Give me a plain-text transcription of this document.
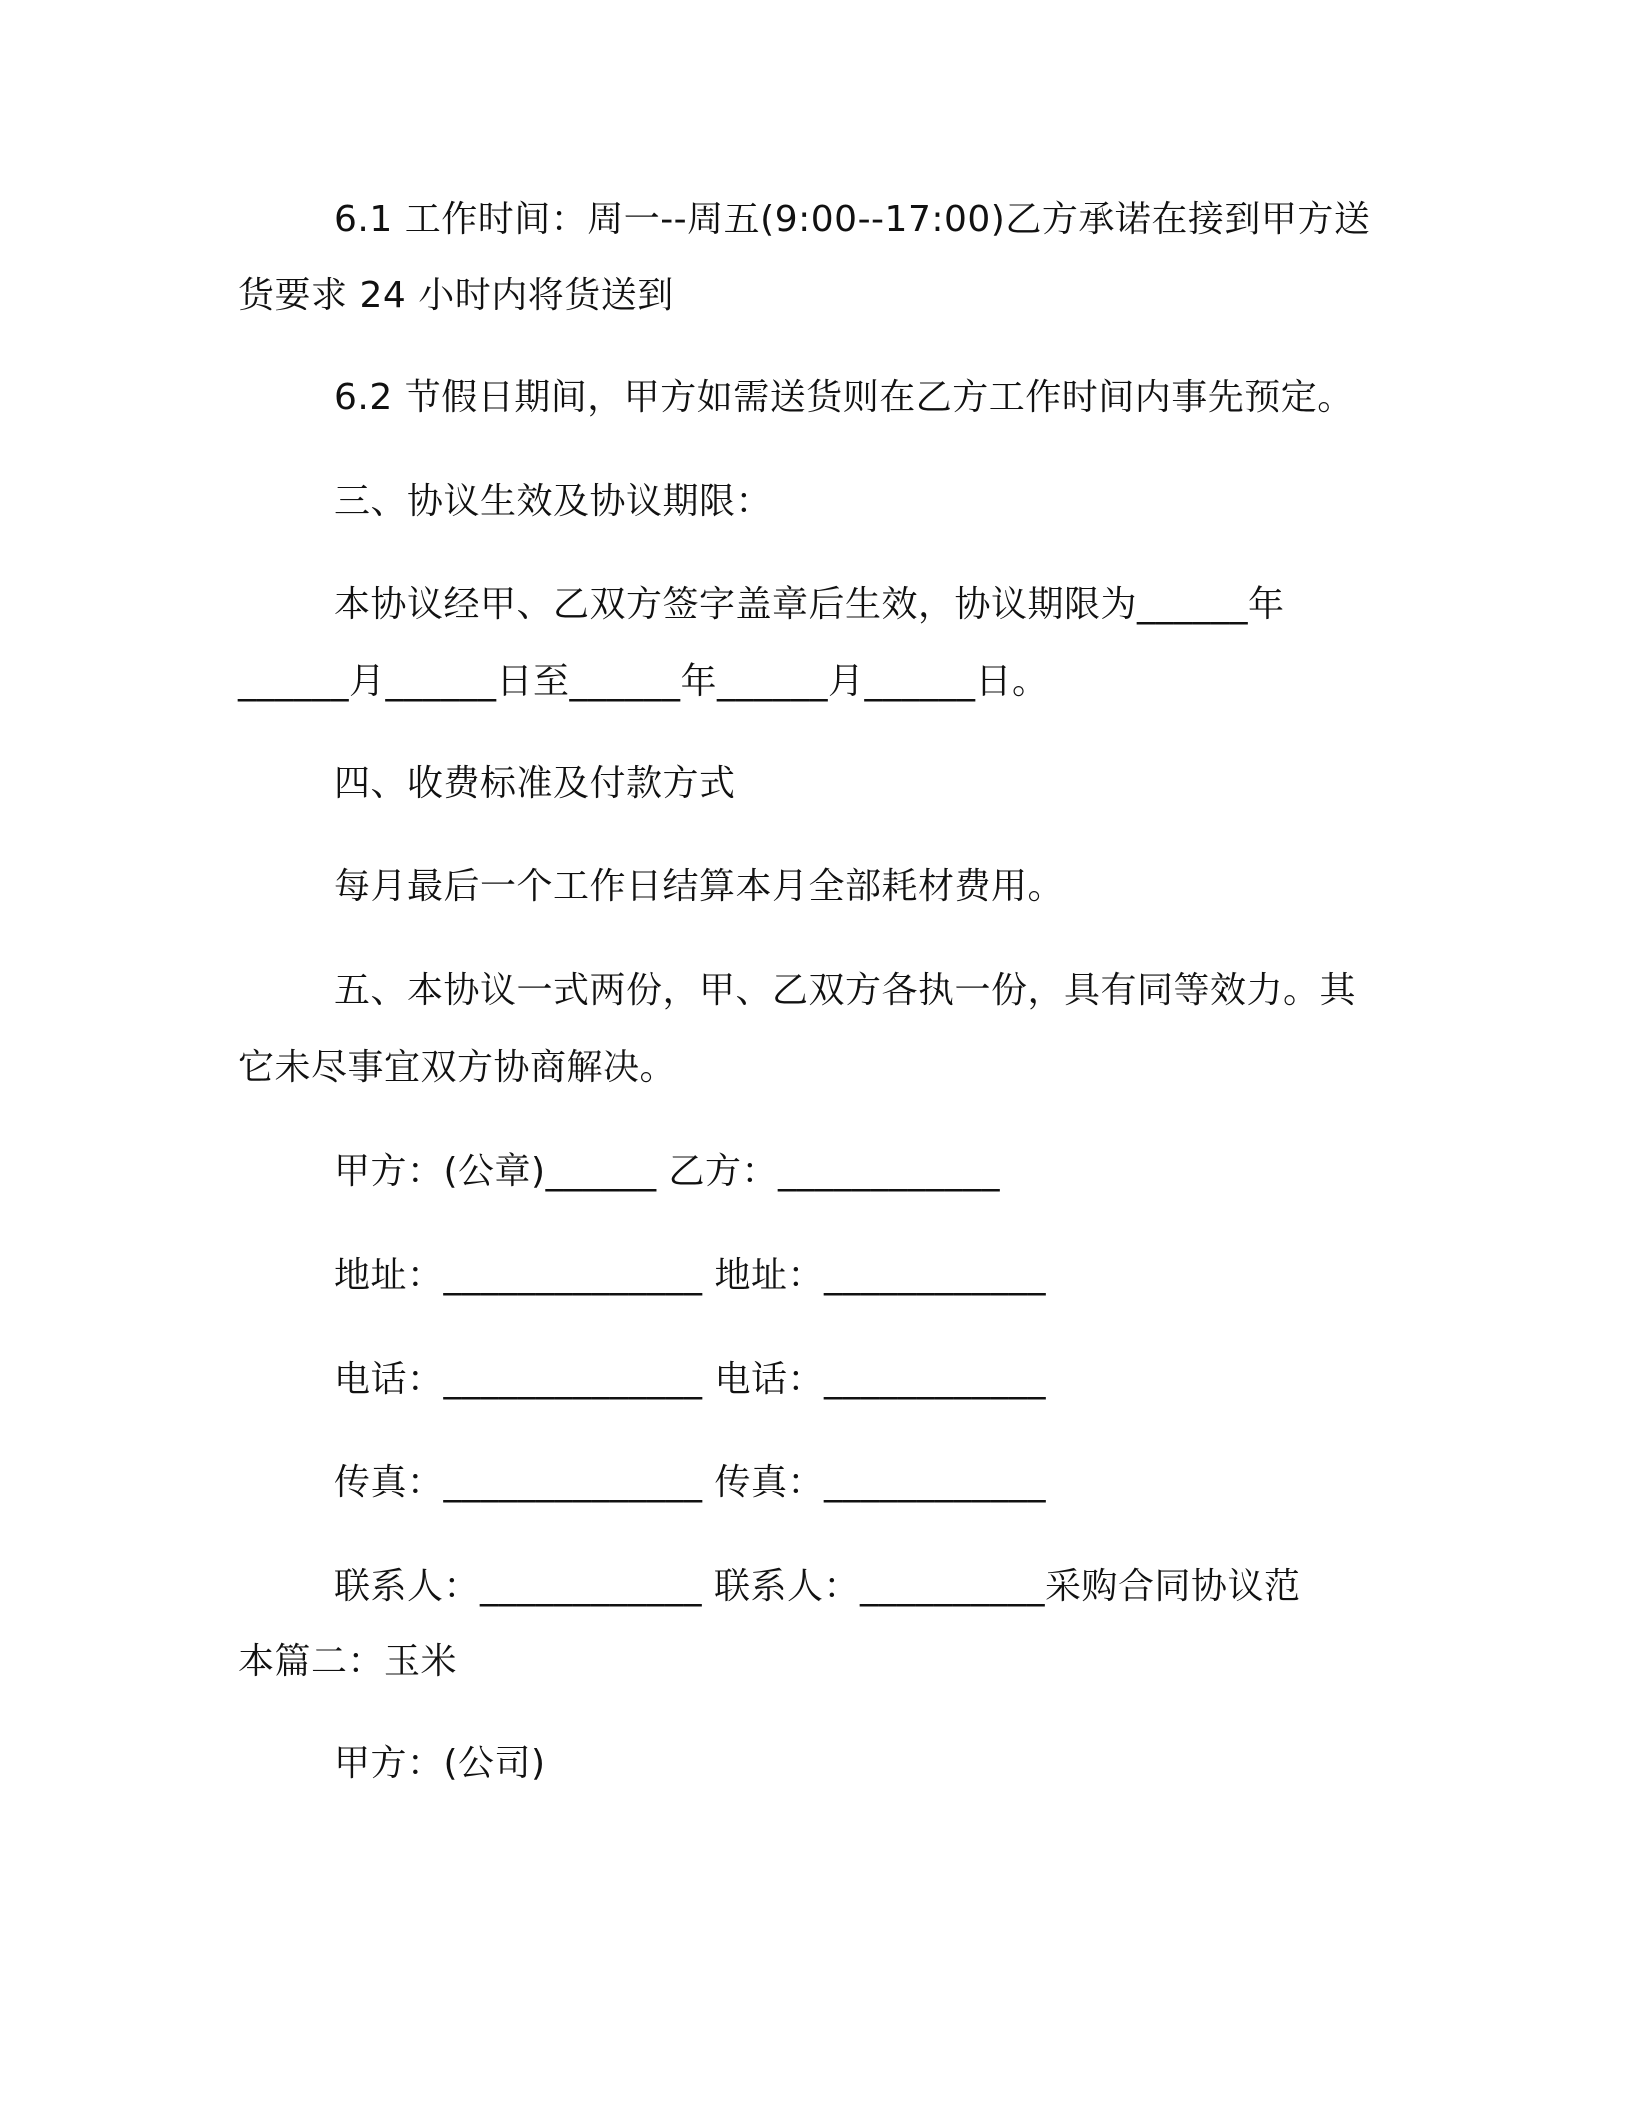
6.1 工作时间：周一--周五(9:00--17:00)乙方承诺在接到甲方送
货要求 24 小时内将货送到
6.2 节假日期间，甲方如需送货则在乙方工作时间内事先预定。
三、协议生效及协议期限：
本协议经甲、乙双方签字盖章后生效，协议期限为______年
______月______日至______年______月______日。
四、收费标准及付款方式
每月最后一个工作日结算本月全部耗材费用。
五、本协议一式两份，甲、乙双方各执一份，具有同等效力。其
它未尽事宜双方协商解决。
甲方：(公章)______ 乙方：____________
地址：______________ 地址：____________
电话：______________ 电话：____________
传真：______________ 传真：____________
联系人：____________ 联系人：__________采购合同协议范
本篇二：玉米
甲方：(公司)
